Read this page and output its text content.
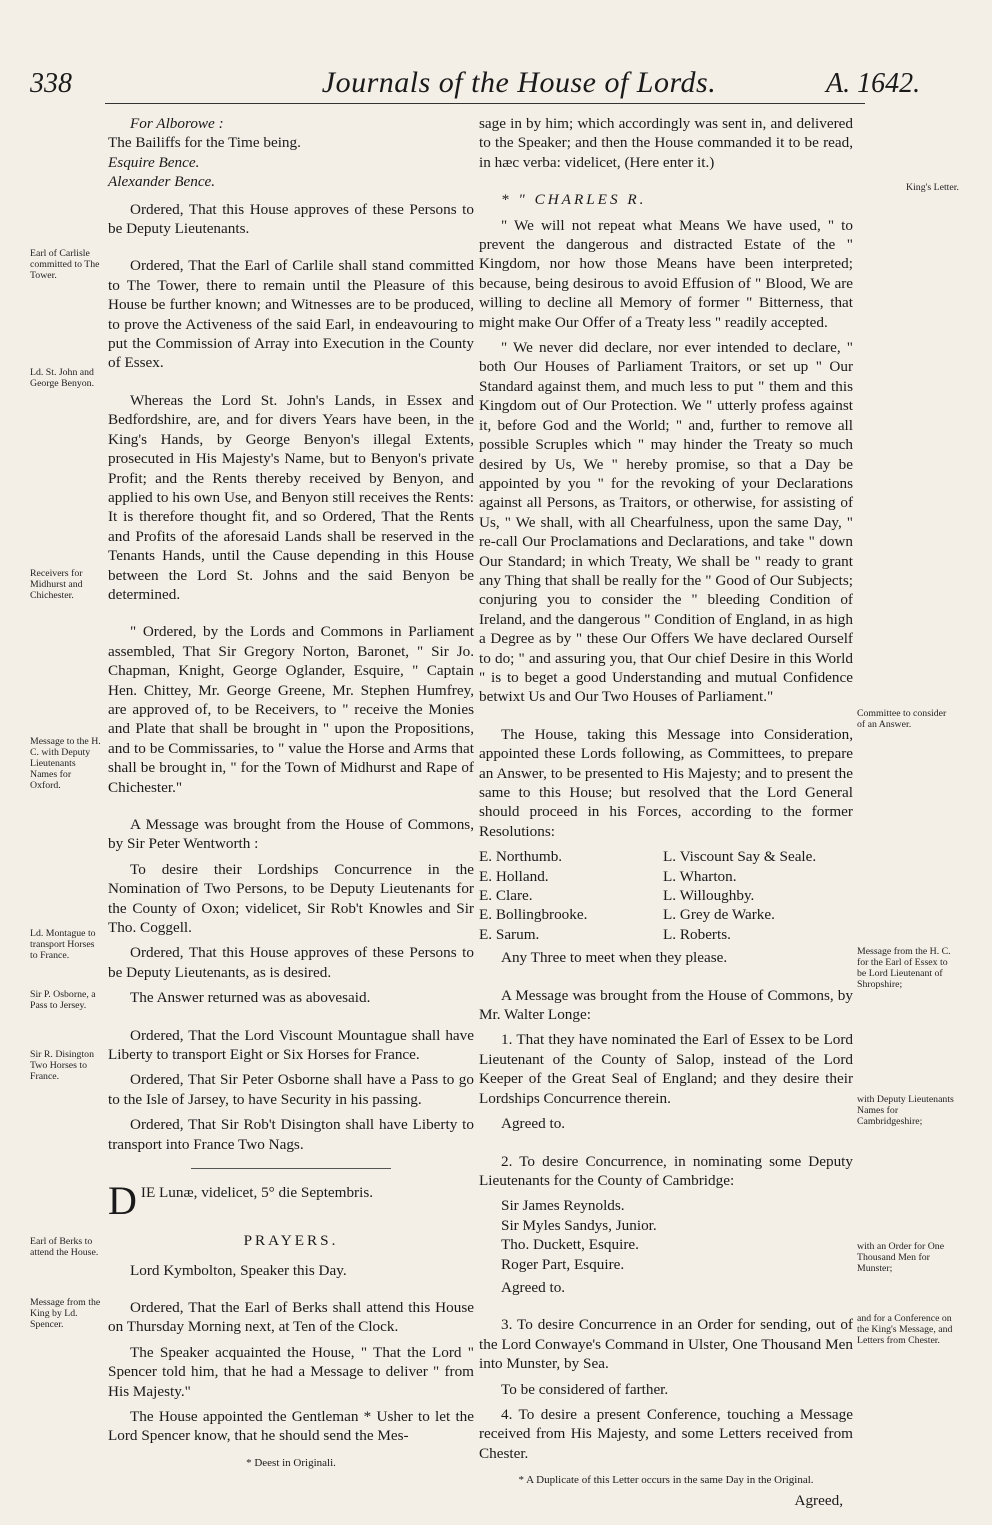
338	Journals of the House of Lords.	A. 1642.
Earl of Carlisle committed to The Tower.
Ld. St. John and George Benyon.
Receivers for Midhurst and Chichester.
Message to the H. C. with Deputy Lieutenants Names for Oxford.
Ld. Montague to transport Horses to France.
Sir P. Osborne, a Pass to Jersey.
Sir R. Disington Two Horses to France.
Earl of Berks to attend the House.
Message from the King by Ld. Spencer.
King's Letter.
Committee to consider of an Answer.
Message from the H. C. for the Earl of Essex to be Lord Lieutenant of Shropshire;
with Deputy Lieutenants Names for Cambridgeshire;
with an Order for One Thousand Men for Munster;
and for a Conference on the King's Message, and Letters from Chester.
For Alborowe :
The Bailiffs for the Time being.
Esquire Bence.
Alexander Bence.

Ordered, That this House approves of these Persons to be Deputy Lieutenants.

Ordered, That the Earl of Carlile shall stand committed to The Tower, there to remain until the Pleasure of this House be further known; and Witnesses are to be produced, to prove the Activeness of the said Earl, in endeavouring to put the Commission of Array into Execution in the County of Essex.

Whereas the Lord St. John's Lands, in Essex and Bedfordshire, are, and for divers Years have been, in the King's Hands, by George Benyon's illegal Extents, prosecuted in His Majesty's Name, but to Benyon's private Profit; and the Rents thereby received by Benyon, and applied to his own Use, and Benyon still receives the Rents: It is therefore thought fit, and so Ordered, That the Rents and Profits of the aforesaid Lands shall be reserved in the Tenants Hands, until the Cause depending in this House between the Lord St. Johns and the said Benyon be determined.

" Ordered, by the Lords and Commons in Parliament assembled, That Sir Gregory Norton, Baronet, " Sir Jo. Chapman, Knight, George Oglander, Esquire, " Captain Hen. Chittey, Mr. George Greene, Mr. Stephen Humfrey, are approved of, to be Receivers, to " receive the Monies and Plate that shall be brought in " upon the Propositions, and to be Commissaries, to " value the Horse and Arms that shall be brought in, " for the Town of Midhurst and Rape of Chichester."

A Message was brought from the House of Commons, by Sir Peter Wentworth :

To desire their Lordships Concurrence in the Nomination of Two Persons, to be Deputy Lieutenants for the County of Oxon; videlicet, Sir Rob't Knowles and Sir Tho. Coggell.

Ordered, That this House approves of these Persons to be Deputy Lieutenants, as is desired.

The Answer returned was as abovesaid.

Ordered, That the Lord Viscount Mountague shall have Liberty to transport Eight or Six Horses for France.

Ordered, That Sir Peter Osborne shall have a Pass to go to the Isle of Jarsey, to have Security in his passing.

Ordered, That Sir Rob't Disington shall have Liberty to transport into France Two Nags.

D IE Lunæ, videlicet, 5° die Septembris.
PRAYERS.

Lord Kymbolton, Speaker this Day.

Ordered, That the Earl of Berks shall attend this House on Thursday Morning next, at Ten of the Clock.

The Speaker acquainted the House, " That the Lord " Spencer told him, that he had a Message to deliver " from His Majesty."

The House appointed the Gentleman * Usher to let the Lord Spencer know, that he should send the Mes-

* Deest in Originali.

sage in by him; which accordingly was sent in, and delivered to the Speaker; and then the House commanded it to be read, in hæc verba: videlicet, (Here enter it.)

* " CHARLES R.

" We will not repeat what Means We have used, " to prevent the dangerous and distracted Estate of the " Kingdom, nor how those Means have been interpreted; because, being desirous to avoid Effusion of " Blood, We are willing to decline all Memory of former " Bitterness, that might make Our Offer of a Treaty less " readily accepted.

" We never did declare, nor ever intended to declare, " both Our Houses of Parliament Traitors, or set up " Our Standard against them, and much less to put " them and this Kingdom out of Our Protection. We " utterly profess against it, before God and the World; " and, further to remove all possible Scruples which " may hinder the Treaty so much desired by Us, We " hereby promise, so that a Day be appointed by you " for the revoking of your Declarations against all Persons, as Traitors, or otherwise, for assisting of Us, " We shall, with all Chearfulness, upon the same Day, " re-call Our Proclamations and Declarations, and take " down Our Standard; in which Treaty, We shall be " ready to grant any Thing that shall be really for the " Good of Our Subjects; conjuring you to consider the " bleeding Condition of Ireland, and the dangerous " Condition of England, in as high a Degree as by " these Our Offers We have declared Ourself to do; " and assuring you, that Our chief Desire in this World " is to beget a good Understanding and mutual Confidence betwixt Us and Our Two Houses of Parliament."

The House, taking this Message into Consideration, appointed these Lords following, as Committees, to prepare an Answer, to be presented to His Majesty; and to present the same to this House; but resolved that the Lord General should proceed in his Forces, according to the former Resolutions:

E. Northumb.
E. Holland.
E. Clare.
E. Bollingbrooke.
E. Sarum.
L. Viscount Say & Seale.
L. Wharton.
L. Willoughby.
L. Grey de Warke.
L. Roberts.

Any Three to meet when they please.

A Message was brought from the House of Commons, by Mr. Walter Longe:

1. That they have nominated the Earl of Essex to be Lord Lieutenant of the County of Salop, instead of the Lord Keeper of the Great Seal of England; and they desire their Lordships Concurrence therein.

Agreed to.

2. To desire Concurrence, in nominating some Deputy Lieutenants for the County of Cambridge:

Sir James Reynolds.
Sir Myles Sandys, Junior.
Tho. Duckett, Esquire.
Roger Part, Esquire.

Agreed to.

3. To desire Concurrence in an Order for sending, out of the Lord Conwaye's Command in Ulster, One Thousand Men into Munster, by Sea.

To be considered of farther.

4. To desire a present Conference, touching a Message received from His Majesty, and some Letters received from Chester.

* A Duplicate of this Letter occurs in the same Day in the Original.
Agreed,
